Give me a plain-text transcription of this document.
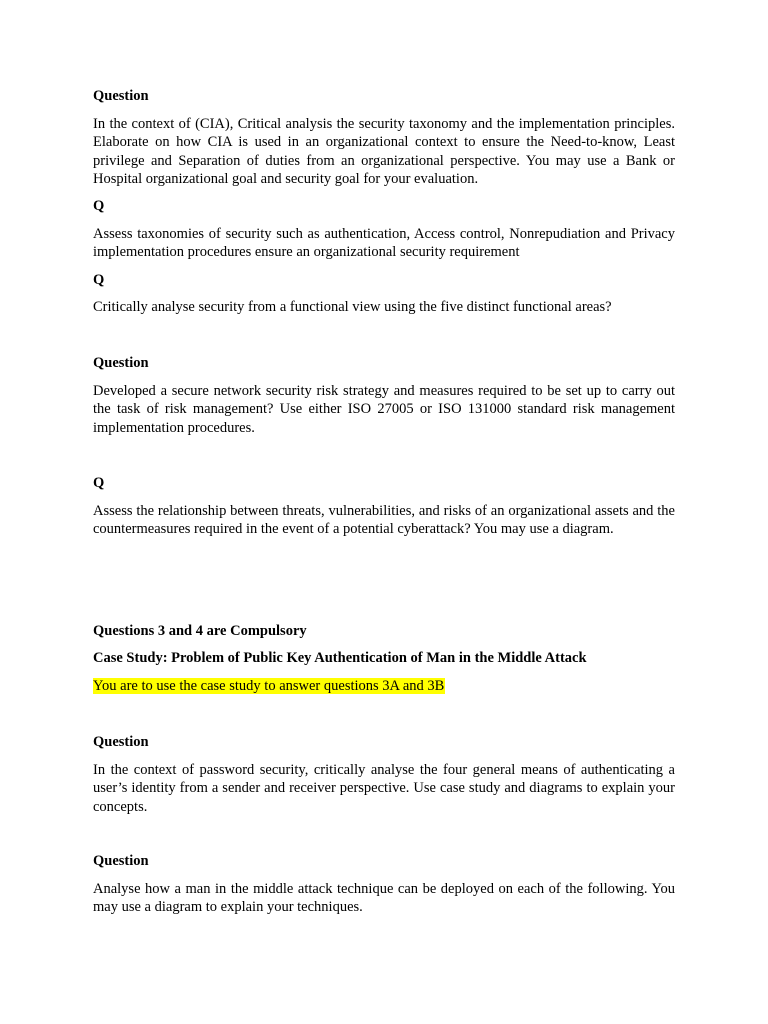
Question
In the context of (CIA), Critical analysis the security taxonomy and the implementation principles. Elaborate on how CIA is used in an organizational context to ensure the Need-to-know, Least privilege and Separation of duties from an organizational perspective. You may use a Bank or Hospital organizational goal and security goal for your evaluation.
Q
Assess taxonomies of security such as authentication, Access control, Nonrepudiation and Privacy implementation procedures ensure an organizational security requirement
Q
Critically analyse security from a functional view using the five distinct functional areas?
Question
Developed a secure network security risk strategy and measures required to be set up to carry out the task of risk management? Use either ISO 27005 or ISO 131000 standard risk management implementation procedures.
Q
Assess the relationship between threats, vulnerabilities, and risks of an organizational assets and the countermeasures required in the event of a potential cyberattack? You may use a diagram.
Questions 3 and 4 are Compulsory
Case Study: Problem of Public Key Authentication of Man in the Middle Attack
You are to use the case study to answer questions 3A and 3B
Question
In the context of password security, critically analyse the four general means of authenticating a user’s identity from a sender and receiver perspective. Use case study and diagrams to explain your concepts.
Question
Analyse how a man in the middle attack technique can be deployed on each of the following. You may use a diagram to explain your techniques.
